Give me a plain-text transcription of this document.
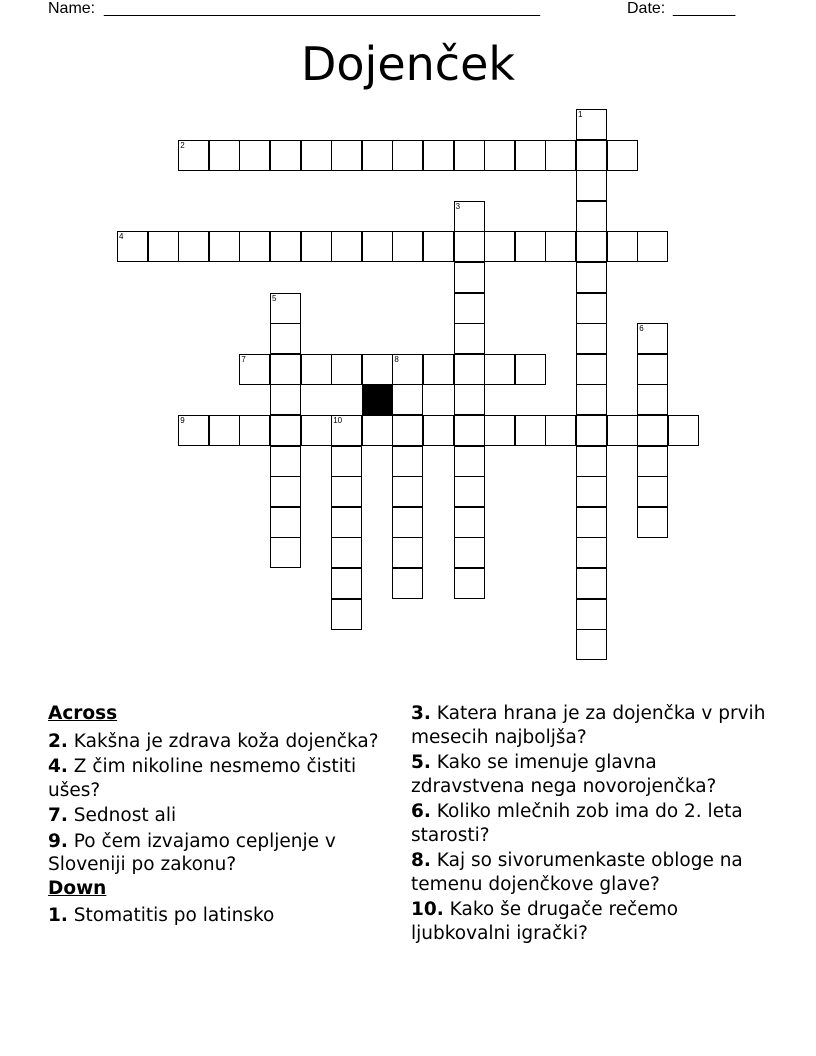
Name: _________________________________________________	Date: _______
Dojenček
1
2
3
4
5
6
7	8
9	10
Across
2. Kakšna je zdrava koža dojenčka?
4. Z čim nikoline nesmemo čistiti ušes?
7. Sednost ali
9. Po čem izvajamo cepljenje v Sloveniji po zakonu?
Down
1. Stomatitis po latinsko
3. Katera hrana je za dojenčka v prvih mesecih najboljša?
5. Kako se imenuje glavna zdravstvena nega novorojenčka?
6. Koliko mlečnih zob ima do 2. leta starosti?
8. Kaj so sivorumenkaste obloge na temenu dojenčkove glave?
10. Kako še drugače rečemo ljubkovalni igrački?
